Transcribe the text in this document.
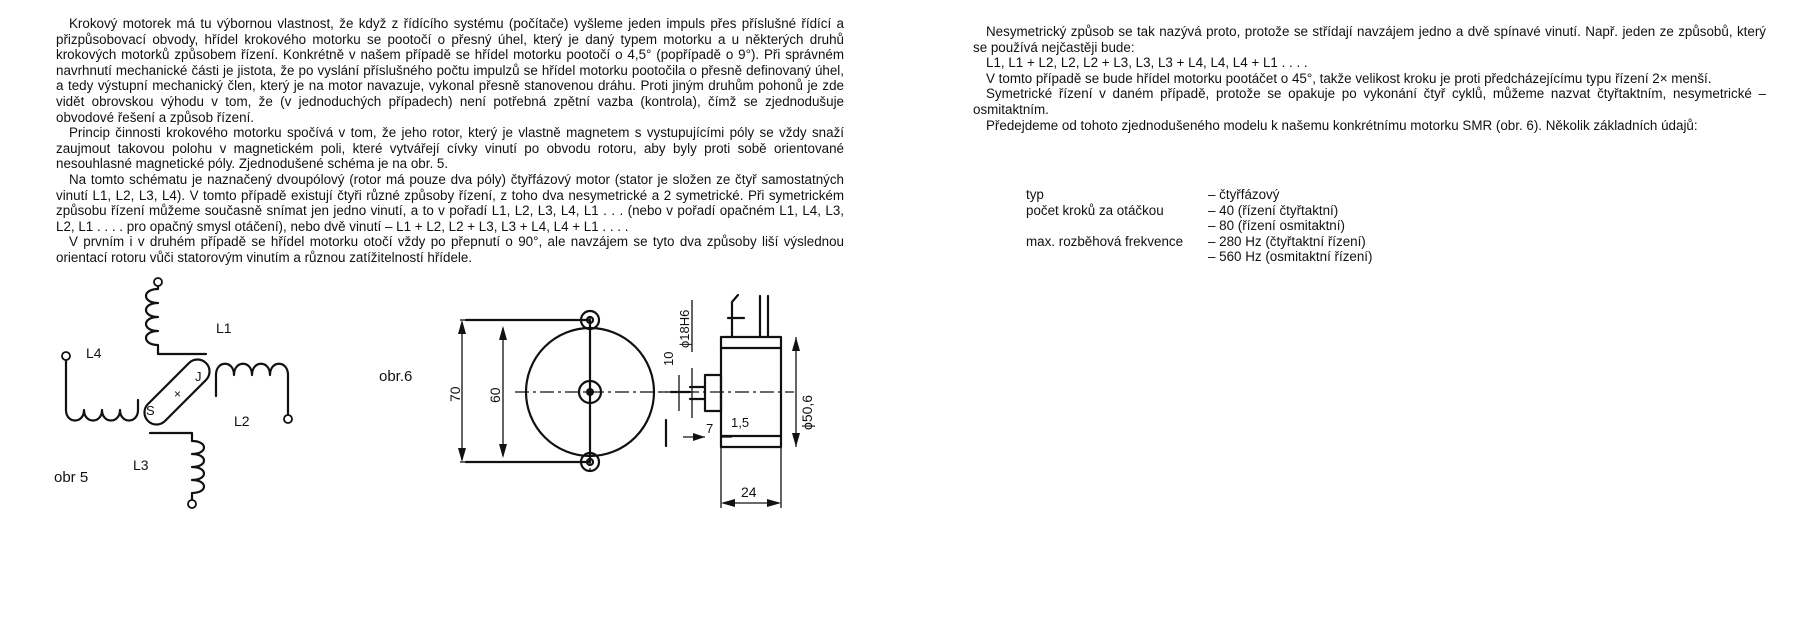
Krokový motorek má tu výbornou vlastnost, že když z řídícího systému (počítače) vyšleme jeden impuls přes příslušné řídící a přizpůsobovací obvody, hřídel krokového motorku se pootočí o přesný úhel, který je daný typem motorku a u některých druhů krokových motorků způsobem řízení. Konkrétně v našem případě se hřídel motorku pootočí o 4,5° (popřípadě o 9°). Při správném navrhnutí mechanické části je jistota, že po vyslání příslušného počtu impulzů se hřídel motorku pootočila o přesně definovaný úhel, a tedy výstupní mechanický člen, který je na motor navazuje, vykonal přesně stanovenou dráhu. Proti jiným druhům pohonů je zde vidět obrovskou výhodu v tom, že (v jednoduchých případech) není potřebná zpětní vazba (kontrola), čímž se zjednodušuje obvodové řešení a způsob řízení.

Princip činnosti krokového motorku spočívá v tom, že jeho rotor, který je vlastně magnetem s vystupujícími póly se vždy snaží zaujmout takovou polohu v magnetickém poli, které vytvářejí cívky vinutí po obvodu rotoru, aby byly proti sobě orientované nesouhlasné magnetické póly. Zjednodušené schéma je na obr. 5.

Na tomto schématu je naznačený dvoupólový (rotor má pouze dva póly) čtyřfázový motor (stator je složen ze čtyř samostatných vinutí L1, L2, L3, L4). V tomto případě existují čtyři různé způsoby řízení, z toho dva nesymetrické a 2 symetrické. Při symetrickém způsobu řízení můžeme současně snímat jen jedno vinutí, a to v pořadí L1, L2, L3, L4, L1 . . . (nebo v pořadí opačném L1, L4, L3, L2, L1 . . . . pro opačný smysl otáčení), nebo dvě vinutí – L1 + L2, L2 + L3, L3 + L4, L4 + L1 . . . .

V prvním i v druhém případě se hřídel motorku otočí vždy po přepnutí o 90°, ale navzájem se tyto dva způsoby liší výslednou orientací rotoru vůči statorovým vinutím a různou zatížitelností hřídele.

Nesymetrický způsob se tak nazývá proto, protože se střídají navzájem jedno a dvě spínavé vinutí. Např. jeden ze způsobů, který se používá nejčastěji bude:

L1, L1 + L2, L2, L2 + L3, L3, L3 + L4, L4, L4 + L1 . . . .

V tomto případě se bude hřídel motorku pootáčet o 45°, takže velikost kroku je proti předcházejícímu typu řízení 2× menší.

Symetrické řízení v daném případě, protože se opakuje po vykonání čtyř cyklů, můžeme nazvat čtyřtaktním, nesymetrické – osmitaktním.

Předejdeme od tohoto zjednodušeného modelu k našemu konkrétnímu motorku SMR (obr. 6). Několik základních údajů:

typ	– čtyřfázový
počet kroků za otáčkou	– 40 (řízení čtyřtaktní)
	– 80 (řízení osmitaktní)
max. rozběhová frekvence	– 280 Hz (čtyřtaktní řízení)
	– 560 Hz (osmitaktní řízení)
×
L1
L2
L3
L4
S
J
obr 5
obr.6
70 60
10
ϕ18H6
7 1,5	ϕ50,6
24
